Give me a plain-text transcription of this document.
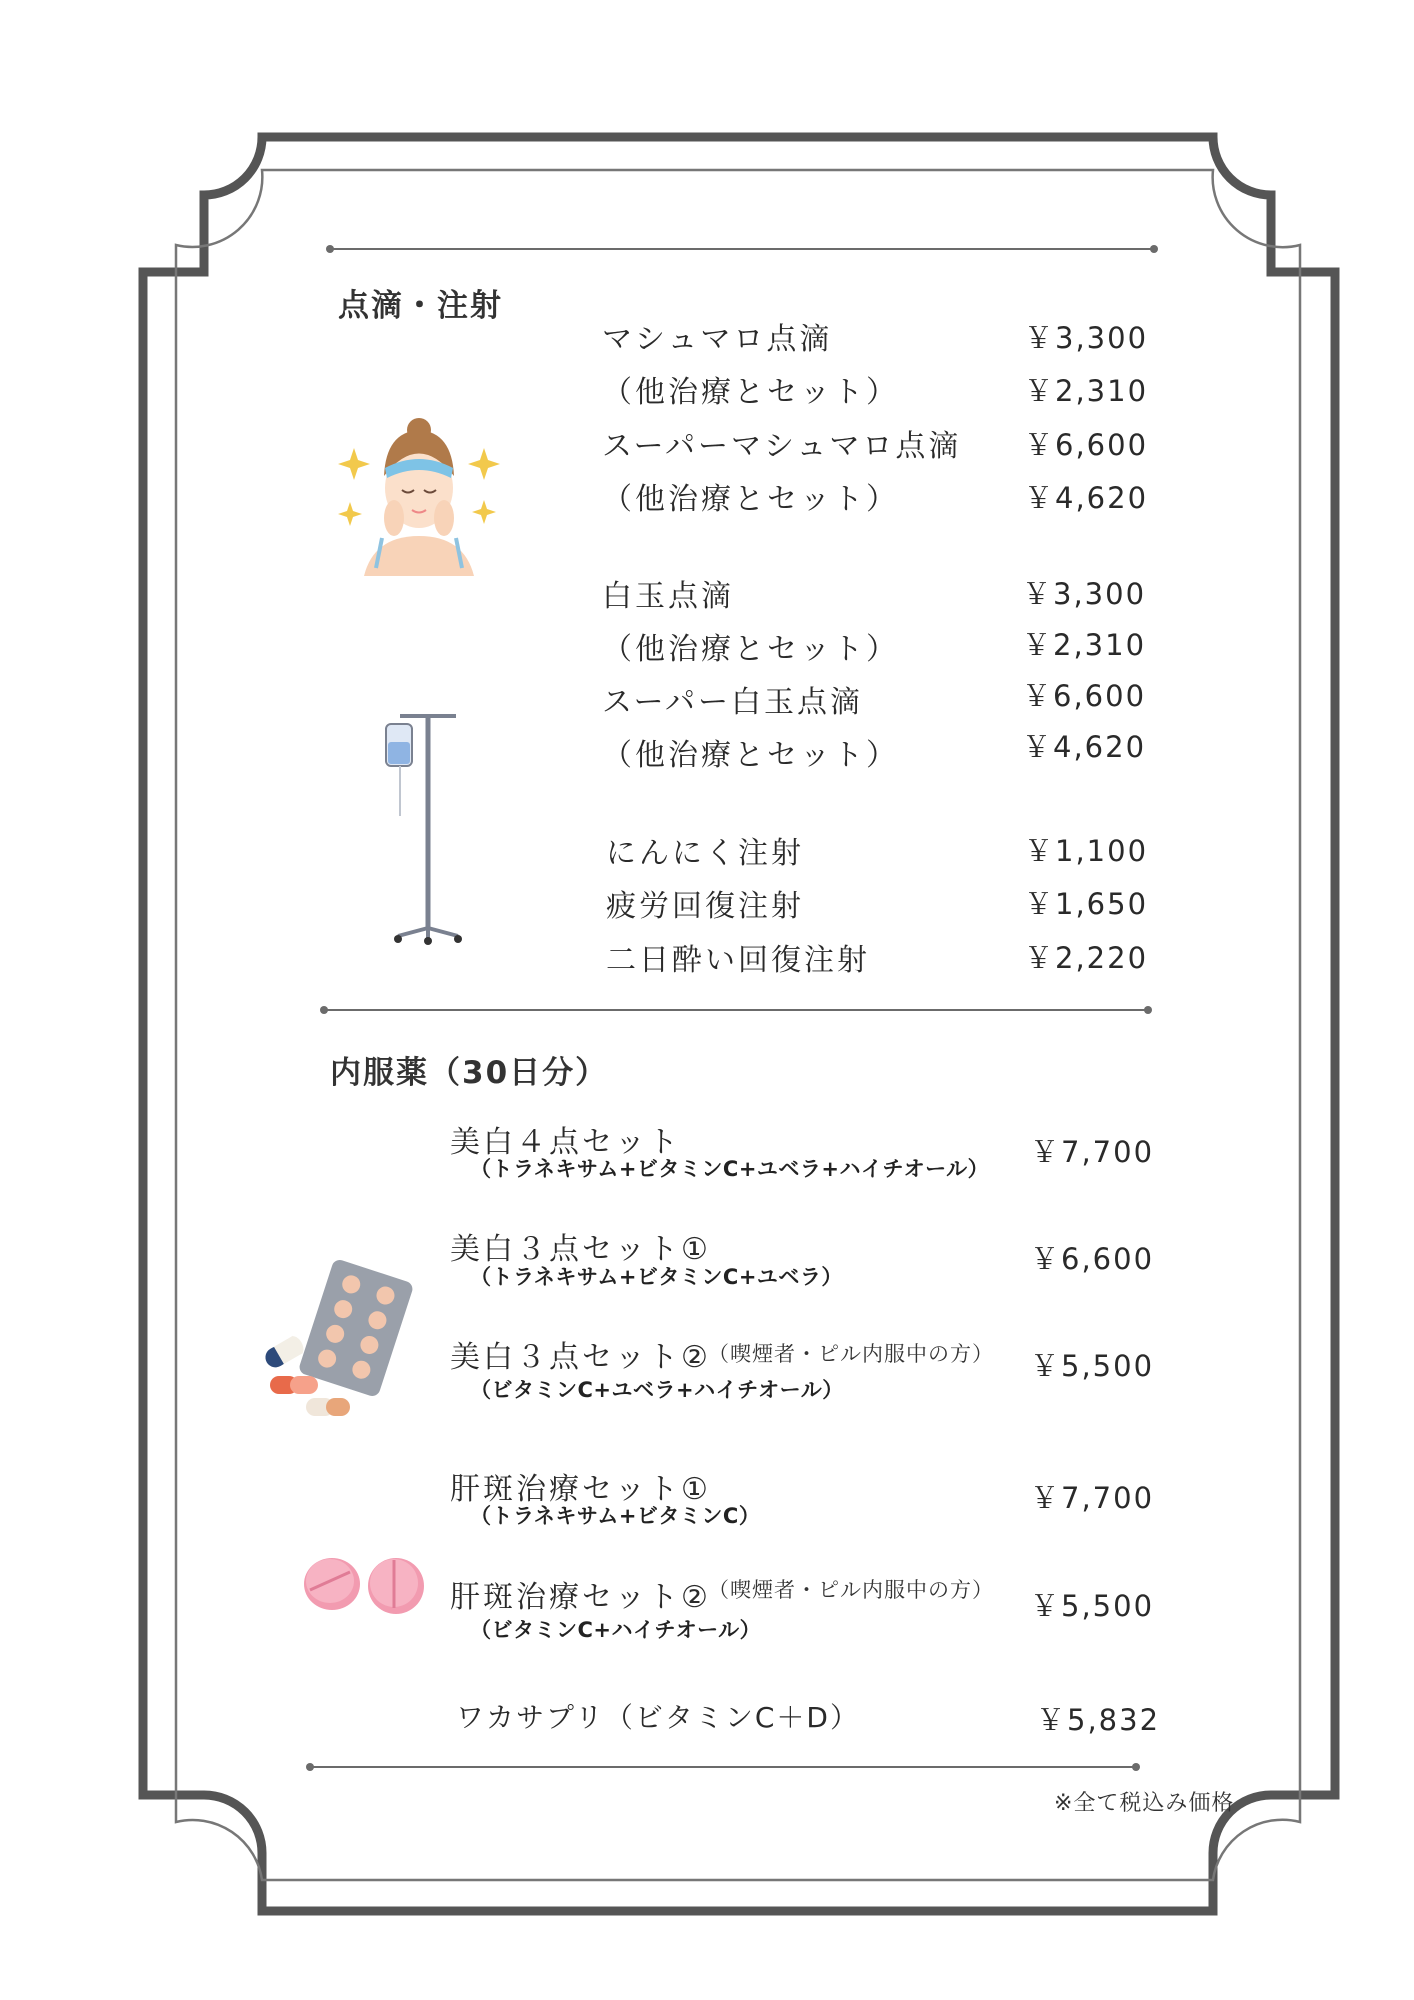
点滴・注射
マシュマロ点滴	￥3,300
（他治療とセット）	￥2,310
スーパーマシュマロ点滴 ￥6,600
（他治療とセット）	￥4,620
白玉点滴	￥3,300
（他治療とセット）	￥2,310
スーパー白玉点滴	￥6,600
（他治療とセット）	￥4,620
にんにく注射	￥1,100
疲労回復注射	￥1,650
二日酔い回復注射	￥2,220
内服薬（30日分）
美白４点セット
（トラネキサム+ビタミンC+ユベラ+ハイチオール） ￥7,700
美白３点セット①
（トラネキサム+ビタミンC+ユベラ）
￥6,600
美白３点セット②
（喫煙者・ピル内服中の方）
（ビタミンC+ユベラ+ハイチオール）
￥5,500
肝斑治療セット①
（トラネキサム+ビタミンC）
￥7,700
肝斑治療セット②
（喫煙者・ピル内服中の方）
（ビタミンC+ハイチオール）
￥5,500
ワカサプリ（ビタミンC＋D）	￥5,832
※全て税込み価格
